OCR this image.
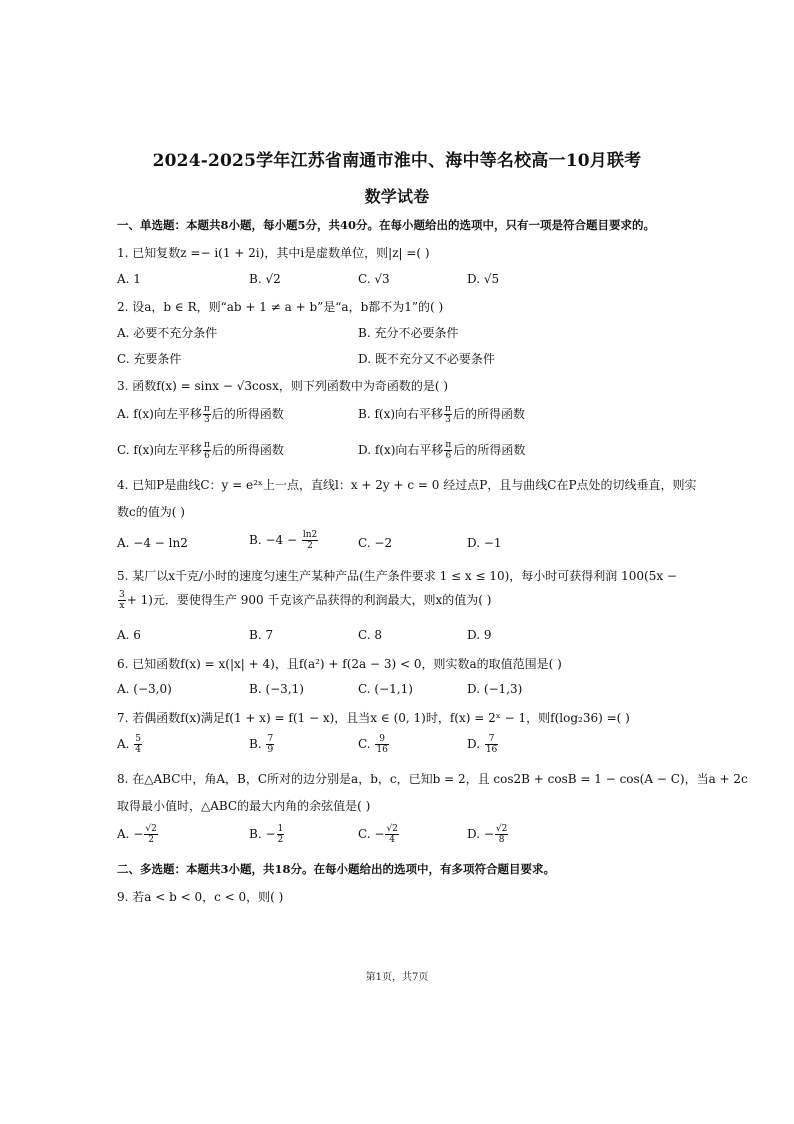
2024-2025学年江苏省南通市淮中、海中等名校高一10月联考
数学试卷
一、单选题：本题共8小题，每小题5分，共40分。在每小题给出的选项中，只有一项是符合题目要求的。
1. 已知复数z =− i(1 + 2i)，其中i是虚数单位，则|z| =( )
A. 1	B. √2	C. √3	D. √5
2. 设a，b ∈ R，则“ab + 1 ≠ a + b”是“a，b都不为1”的( )
A. 必要不充分条件	B. 充分不必要条件
C. 充要条件	D. 既不充分又不必要条件
3. 函数f(x) = sinx − √3cosx，则下列函数中为奇函数的是( )
A. f(x)向左平移 $\frac{\pi}{3}$ 后的所得函数	B. f(x)向右平移 $\frac{\pi}{3}$ 后的所得函数
C. f(x)向左平移 $\frac{\pi}{6}$ 后的所得函数	D. f(x)向右平移 $\frac{\pi}{6}$ 后的所得函数
4. 已知P是曲线C：y = e²ˣ上一点，直线l：x + 2y + c = 0 经过点P，且与曲线C在P点处的切线垂直，则实
数c的值为( )
A. −4 − ln2	B. $-4 - \frac{\ln 2}{2}$	C. −2	D. −1
5. 某厂以x千克/小时的速度匀速生产某种产品(生产条件要求 1 ≤ x ≤ 10)，每小时可获得利润 100(5x −
$\frac{3}{x} + 1$)元．要使得生产 900 千克该产品获得的利润最大，则x的值为( )
A. 6	B. 7	C. 8	D. 9
6. 已知函数f(x) = x(|x| + 4)，且f(a²) + f(2a − 3) < 0，则实数a的取值范围是( )
A. (−3,0)	B. (−3,1)	C. (−1,1)	D. (−1,3)
7. 若偶函数f(x)满足f(1 + x) = f(1 − x)，且当x ∈ (0, 1)时，f(x) = 2ˣ − 1，则f(log₂36) =( )
A. $\frac{5}{4}$	B. $\frac{7}{9}$	C. $\frac{9}{16}$	D. $\frac{7}{16}$
8. 在△ABC中，角A，B，C所对的边分别是a，b，c，已知b = 2，且 cos2B + cosB = 1 − cos(A − C)，当a + 2c
取得最小值时，△ABC的最大内角的余弦值是( )
A. − $\frac{√2}{2}$	B. − $\frac{1}{2}$	C. − $\frac{√2}{4}$	D. − $\frac{√2}{8}$
二、多选题：本题共3小题，共18分。在每小题给出的选项中，有多项符合题目要求。
9. 若a < b < 0，c < 0，则( )
第1页，共7页
